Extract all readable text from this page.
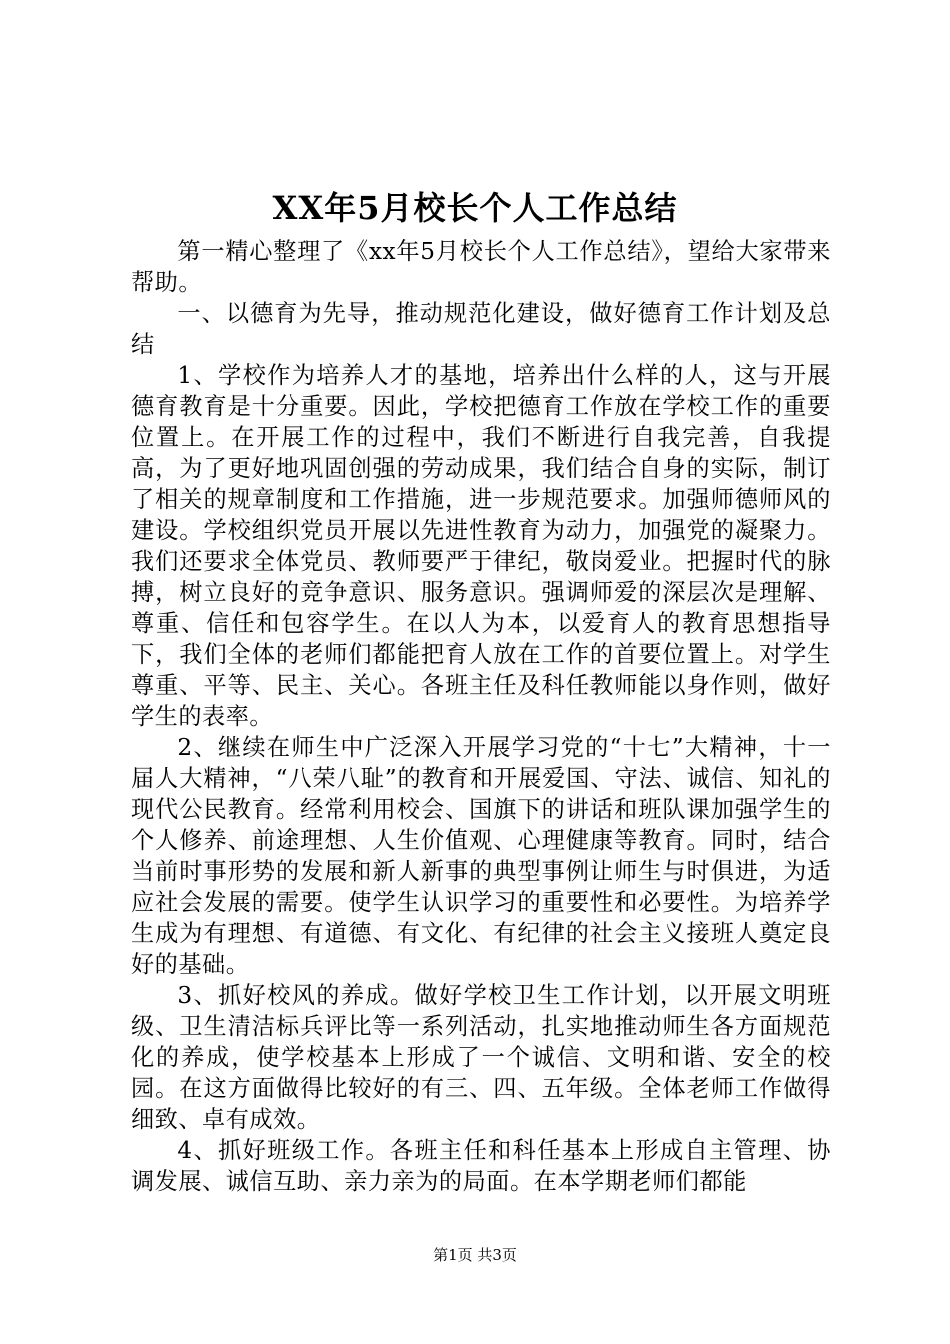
XX年5月校长个人工作总结

第一精心整理了《xx年5月校长个人工作总结》，望给大家带来帮助。

一、以德育为先导，推动规范化建设，做好德育工作计划及总结

1、学校作为培养人才的基地，培养出什么样的人，这与开展德育教育是十分重要。因此，学校把德育工作放在学校工作的重要位置上。在开展工作的过程中，我们不断进行自我完善，自我提高，为了更好地巩固创强的劳动成果，我们结合自身的实际，制订了相关的规章制度和工作措施，进一步规范要求。加强师德师风的建设。学校组织党员开展以先进性教育为动力，加强党的凝聚力。我们还要求全体党员、教师要严于律纪，敬岗爱业。把握时代的脉搏，树立良好的竞争意识、服务意识。强调师爱的深层次是理解、尊重、信任和包容学生。在以人为本，以爱育人的教育思想指导下，我们全体的老师们都能把育人放在工作的首要位置上。对学生尊重、平等、民主、关心。各班主任及科任教师能以身作则，做好学生的表率。

2、继续在师生中广泛深入开展学习党的“十七”大精神，十一届人大精神，“八荣八耻”的教育和开展爱国、守法、诚信、知礼的现代公民教育。经常利用校会、国旗下的讲话和班队课加强学生的个人修养、前途理想、人生价值观、心理健康等教育。同时，结合当前时事形势的发展和新人新事的典型事例让师生与时俱进，为适应社会发展的需要。使学生认识学习的重要性和必要性。为培养学生成为有理想、有道德、有文化、有纪律的社会主义接班人奠定良好的基础。

3、抓好校风的养成。做好学校卫生工作计划，以开展文明班级、卫生清洁标兵评比等一系列活动，扎实地推动师生各方面规范化的养成，使学校基本上形成了一个诚信、文明和谐、安全的校园。在这方面做得比较好的有三、四、五年级。全体老师工作做得细致、卓有成效。

4、抓好班级工作。各班主任和科任基本上形成自主管理、协调发展、诚信互助、亲力亲为的局面。在本学期老师们都能

第1页 共3页
